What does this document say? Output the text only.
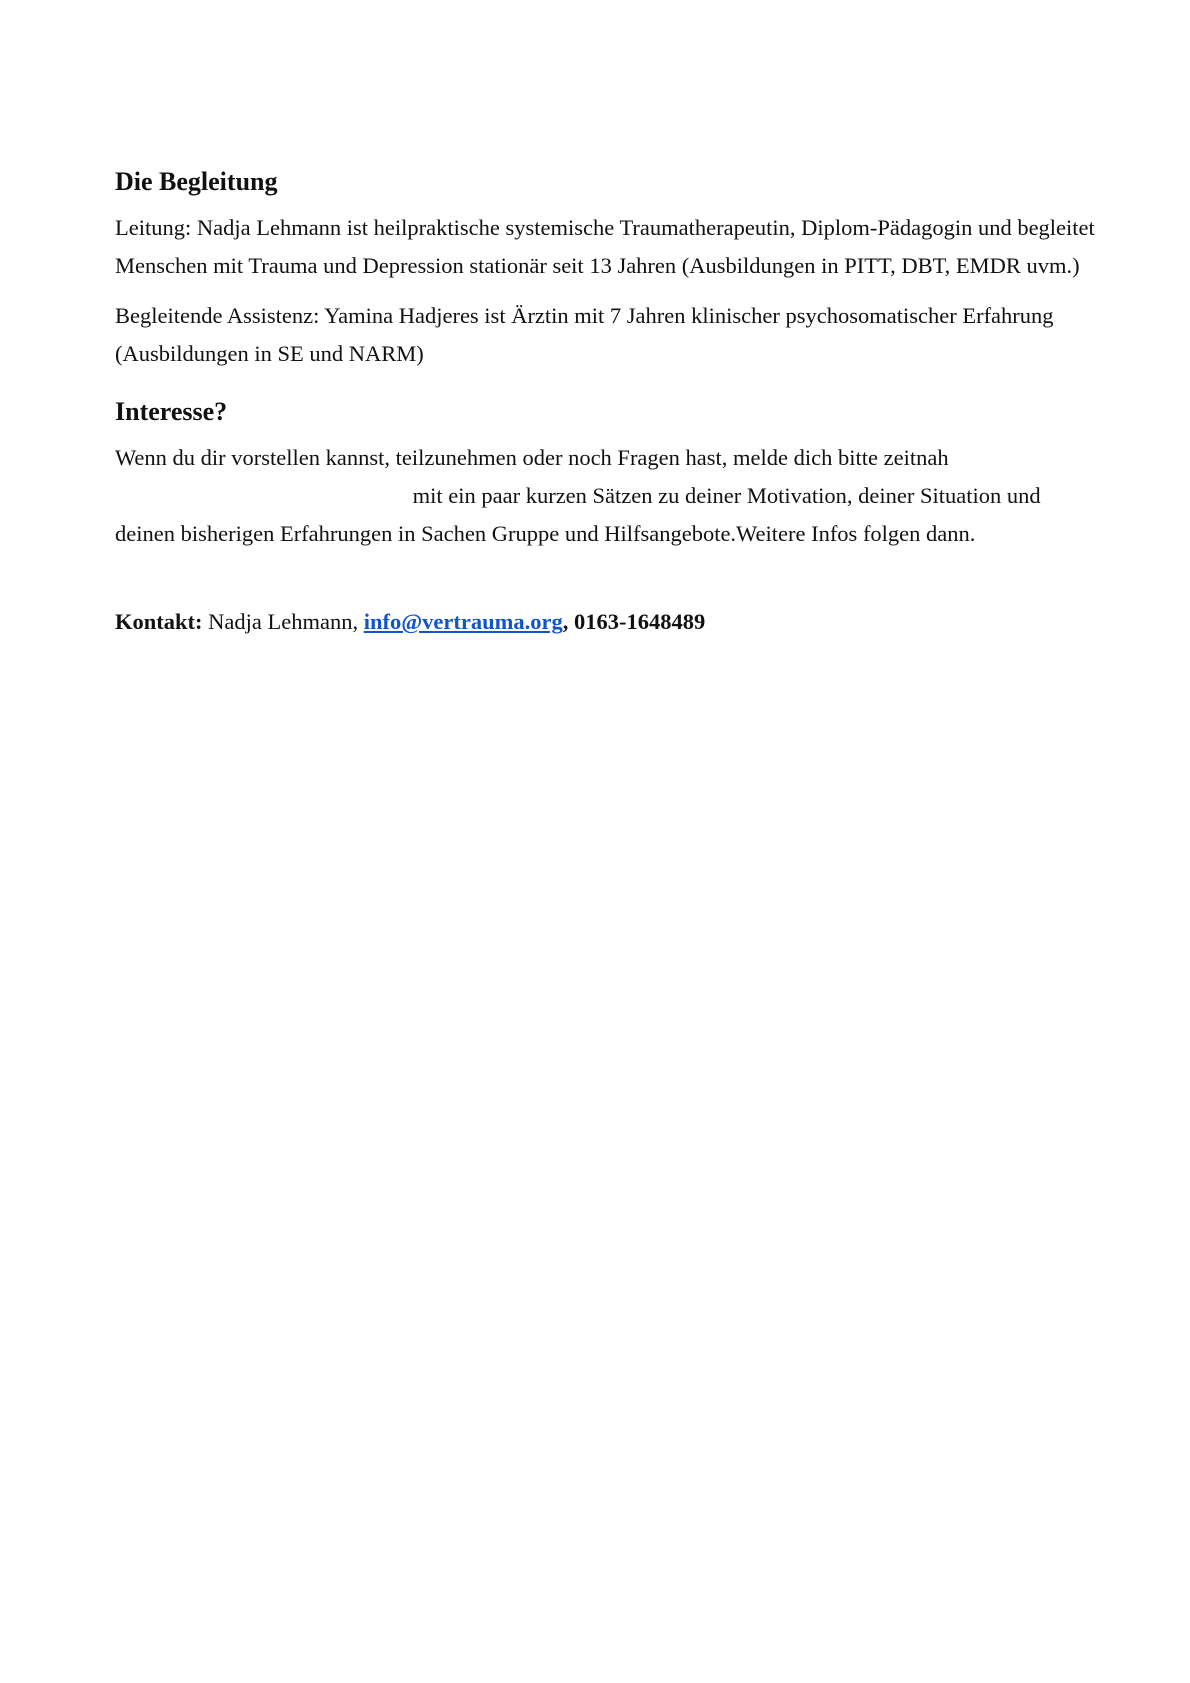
Die Begleitung

Leitung: Nadja Lehmann ist heilpraktische systemische Traumatherapeutin, Diplom-Pädagogin und begleitet Menschen mit Trauma und Depression stationär seit 13 Jahren (Ausbildungen in PITT, DBT, EMDR uvm.)

Begleitende Assistenz: Yamina Hadjeres ist Ärztin mit 7 Jahren klinischer psychosomatischer Erfahrung (Ausbildungen in SE und NARM)

Interesse?

Wenn du dir vorstellen kannst, teilzunehmen oder noch Fragen hast, melde dich bitte zeitnah
mit ein paar kurzen Sätzen zu deiner Motivation, deiner Situation und deinen bisherigen Erfahrungen in Sachen Gruppe und Hilfsangebote.Weitere Infos folgen dann.

Kontakt: Nadja Lehmann, info@vertrauma.org, 0163-1648489
